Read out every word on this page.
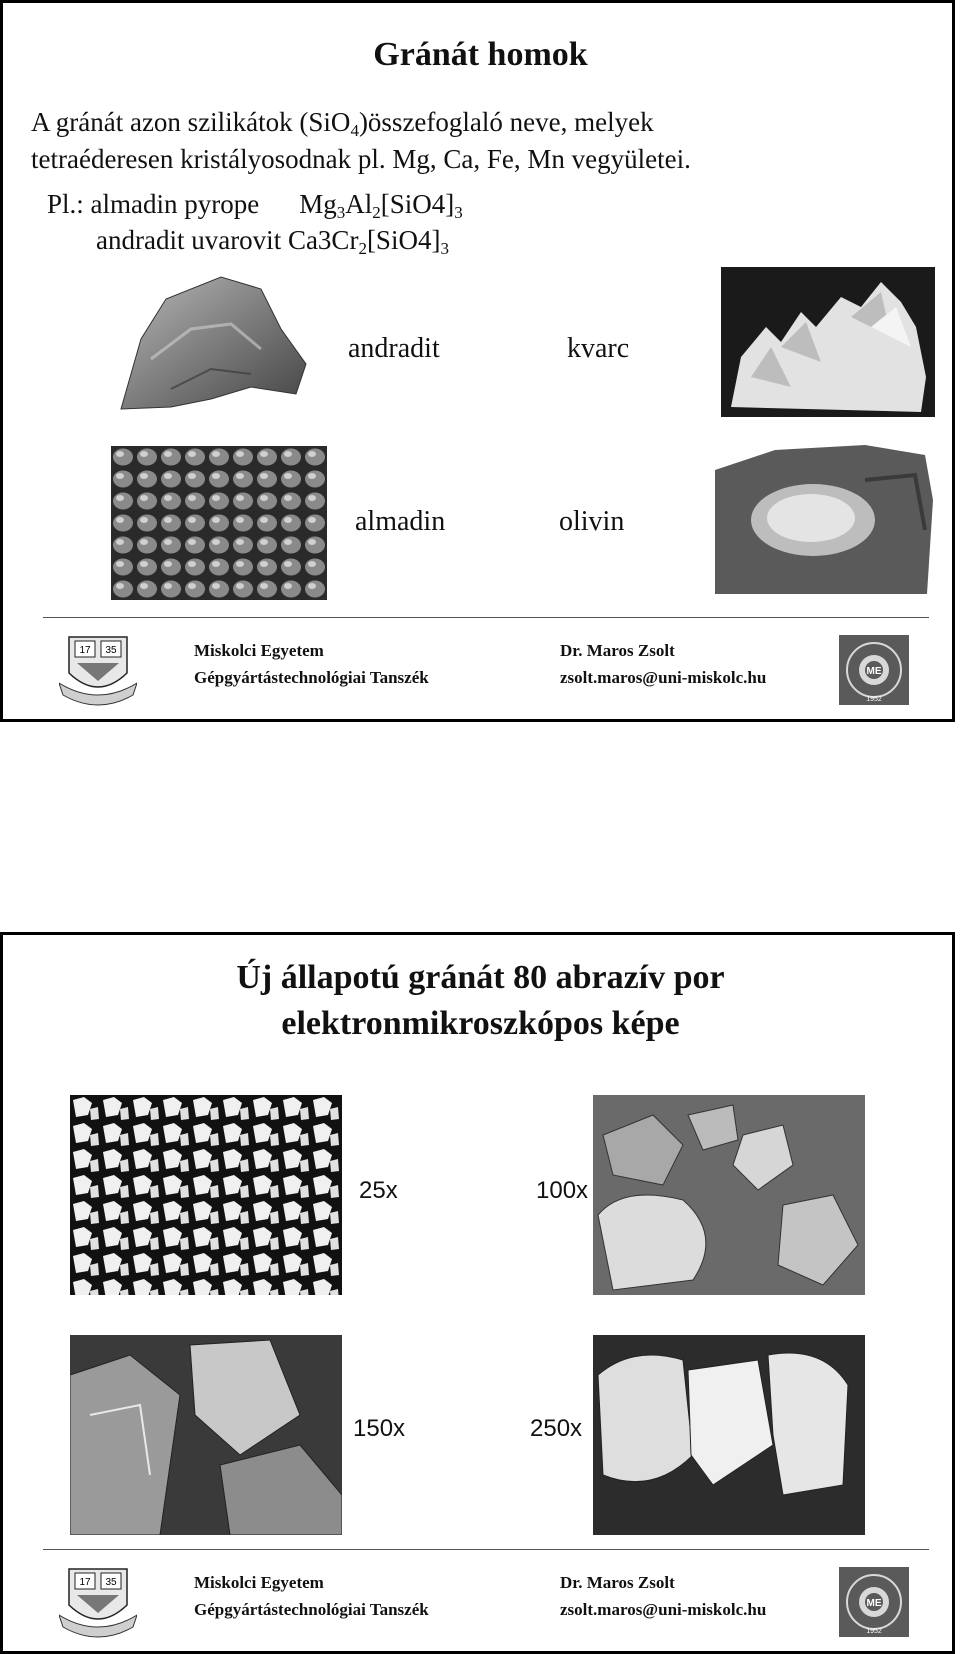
Gránát homok
A gránát azon szilikátok (SiO$_4$)összefoglaló neve, melyek
tetraéderesen kristályosodnak pl. Mg, Ca, Fe, Mn vegyületei.
Pl.: almadin pyrope $Mg_3Al_2[SiO4]_3$
andradit uvarovit $Ca3Cr_2[SiO4]_3$
andradit	kvarc
almadin	olivin
17 35	Miskolci Egyetem
Gépgyártástechnológiai Tanszék
Dr. Maros Zsolt
zsolt.maros@uni-miskolc.hu	ME
1952
Új állapotú gránát 80 abrazív por
elektronmikroszkópos képe
25x	100x
150x	250x
17 35	Miskolci Egyetem
Gépgyártástechnológiai Tanszék
Dr. Maros Zsolt
zsolt.maros@uni-miskolc.hu	ME
1952
